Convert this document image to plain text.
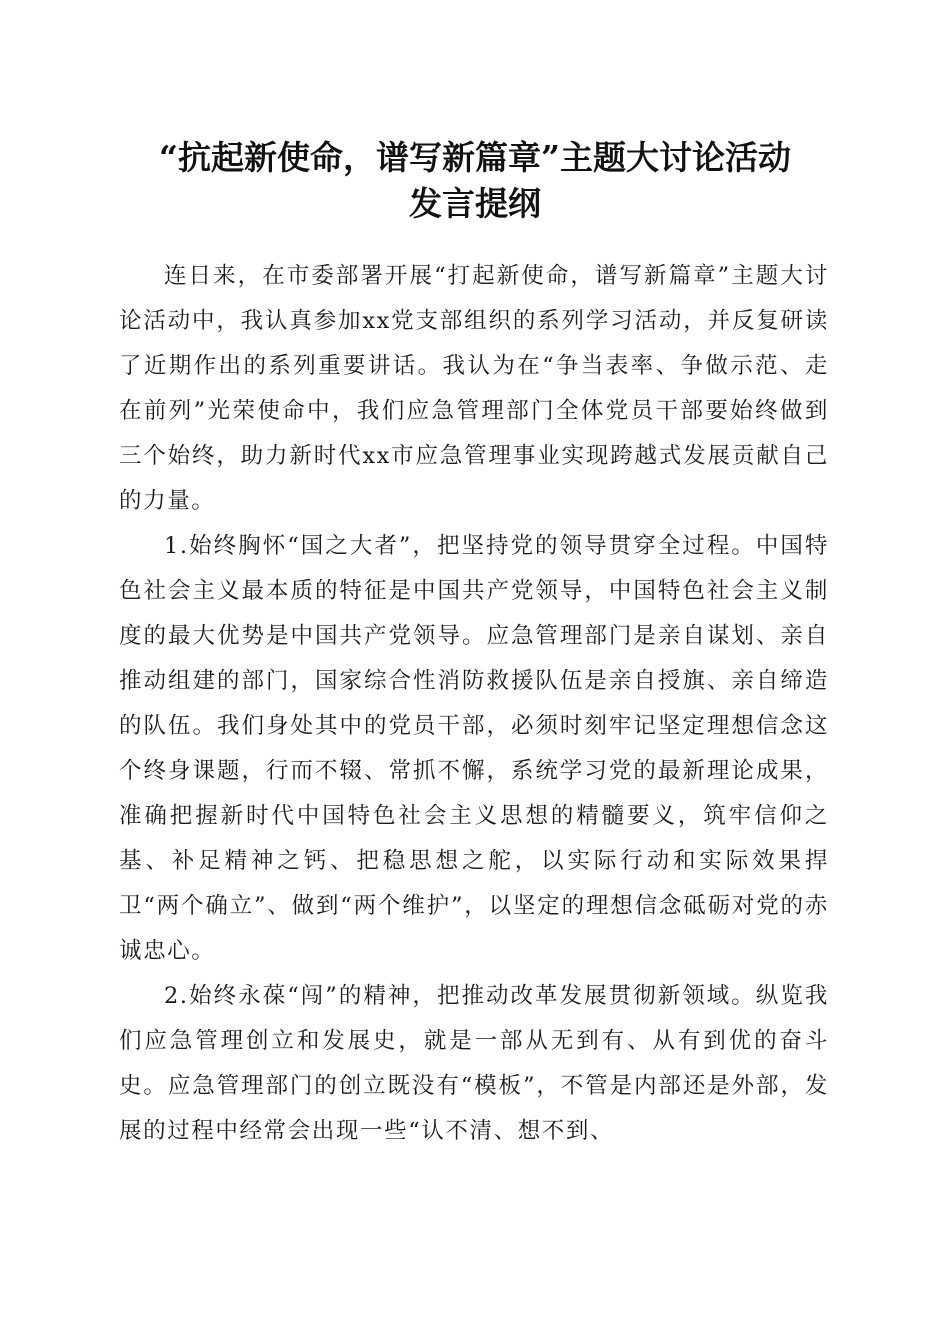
“抗起新使命，谱写新篇章”主题大讨论活动
发言提纲

连日来，在市委部署开展“打起新使命，谱写新篇章”主题大讨论活动中，我认真参加xx党支部组织的系列学习活动，并反复研读了近期作出的系列重要讲话。我认为在“争当表率、争做示范、走在前列”光荣使命中，我们应急管理部门全体党员干部要始终做到三个始终，助力新时代xx市应急管理事业实现跨越式发展贡献自己的力量。

1.始终胸怀“国之大者”，把坚持党的领导贯穿全过程。中国特色社会主义最本质的特征是中国共产党领导，中国特色社会主义制度的最大优势是中国共产党领导。应急管理部门是亲自谋划、亲自推动组建的部门，国家综合性消防救援队伍是亲自授旗、亲自缔造的队伍。我们身处其中的党员干部，必须时刻牢记坚定理想信念这个终身课题，行而不辍、常抓不懈，系统学习党的最新理论成果，准确把握新时代中国特色社会主义思想的精髓要义，筑牢信仰之基、补足精神之钙、把稳思想之舵，以实际行动和实际效果捍卫“两个确立”、做到“两个维护”，以坚定的理想信念砥砺对党的赤诚忠心。

2.始终永葆“闯”的精神，把推动改革发展贯彻新领域。纵览我们应急管理创立和发展史，就是一部从无到有、从有到优的奋斗史。应急管理部门的创立既没有“模板”，不管是内部还是外部，发展的过程中经常会出现一些“认不清、想不到、
